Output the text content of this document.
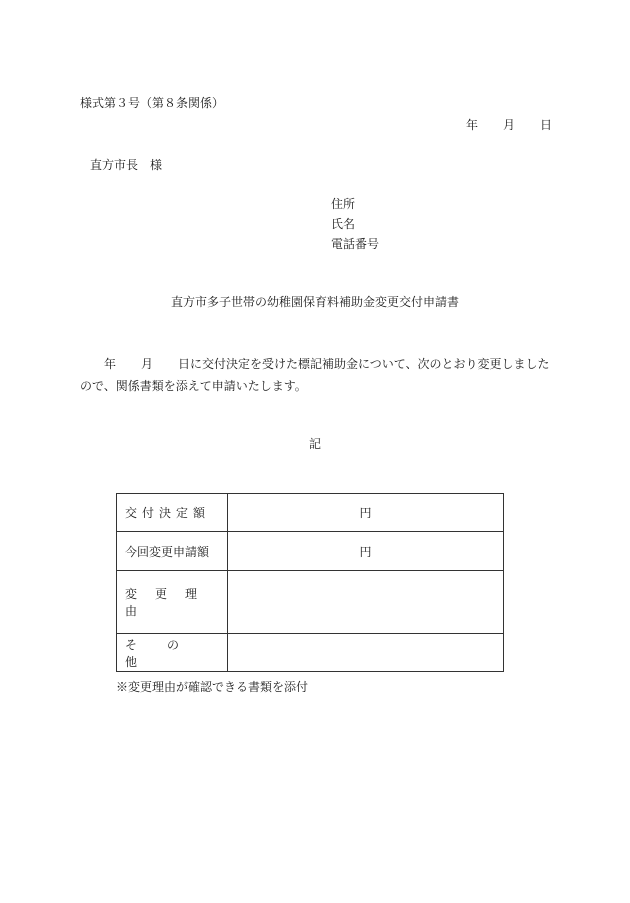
様式第３号（第８条関係）
年 月 日
直方市長　様
住所
氏名
電話番号
直方市多子世帯の幼稚園保育料補助金変更交付申請書
年 月 日に交付決定を受けた標記補助金について、次のとおり変更しました
ので、関係書類を添えて申請いたします。
記
交付決定額	円
今回変更申請額	円
変更理由	
その他	
※変更理由が確認できる書類を添付
